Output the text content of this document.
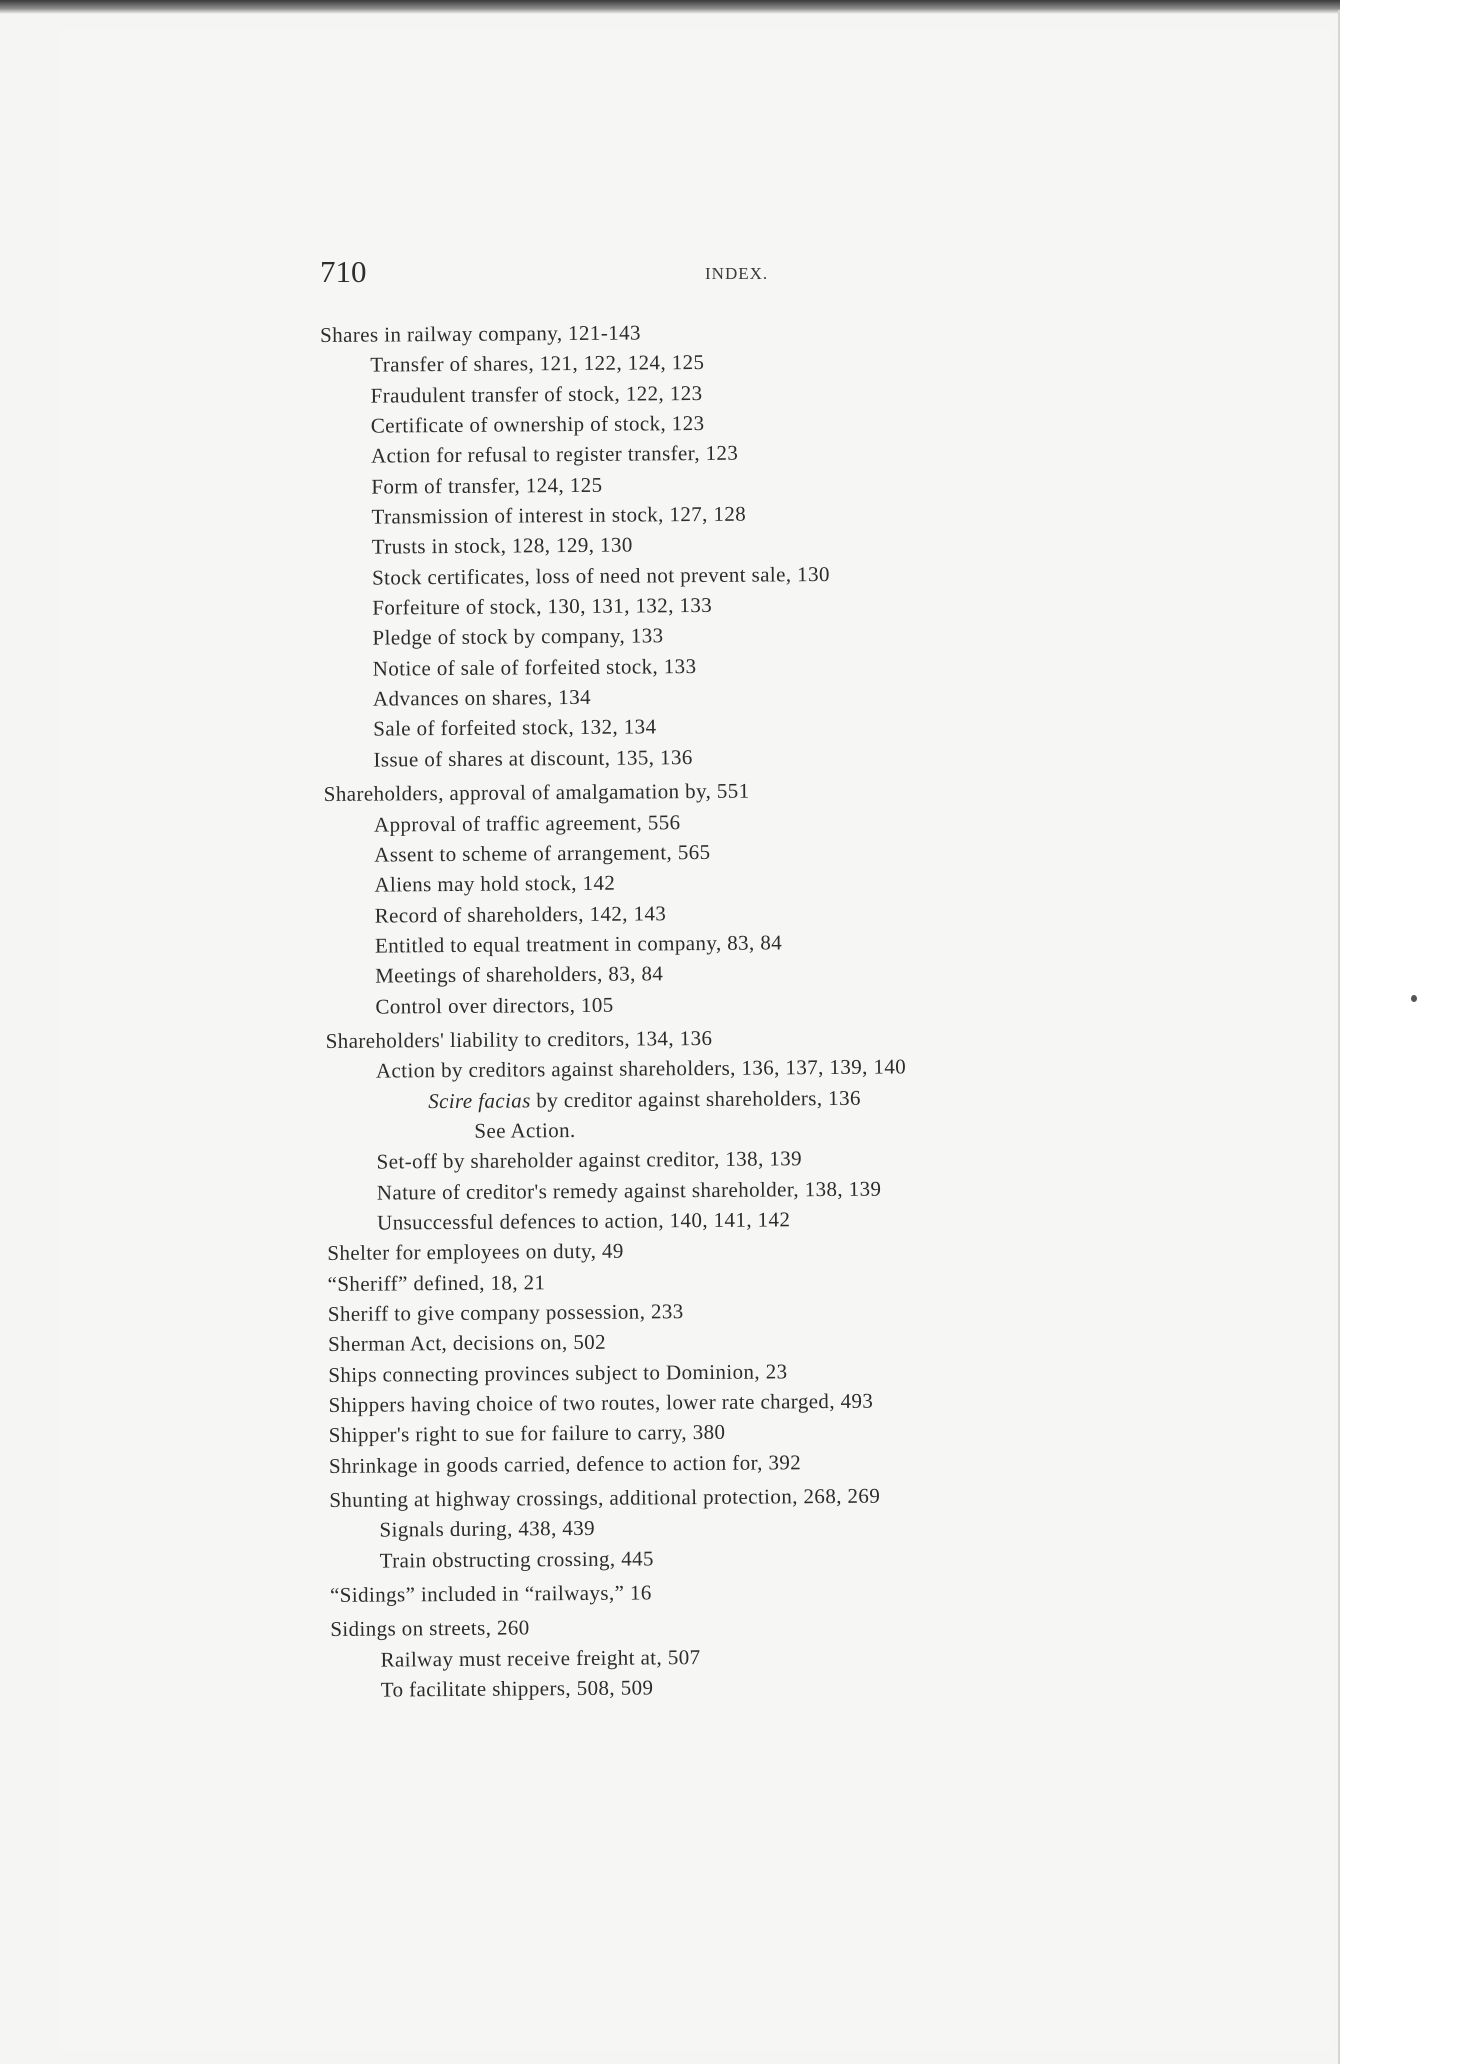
710	INDEX.
Shares in railway company, 121-143
Transfer of shares, 121, 122, 124, 125
Fraudulent transfer of stock, 122, 123
Certificate of ownership of stock, 123
Action for refusal to register transfer, 123
Form of transfer, 124, 125
Transmission of interest in stock, 127, 128
Trusts in stock, 128, 129, 130
Stock certificates, loss of need not prevent sale, 130
Forfeiture of stock, 130, 131, 132, 133
Pledge of stock by company, 133
Notice of sale of forfeited stock, 133
Advances on shares, 134
Sale of forfeited stock, 132, 134
Issue of shares at discount, 135, 136
Shareholders, approval of amalgamation by, 551
Approval of traffic agreement, 556
Assent to scheme of arrangement, 565
Aliens may hold stock, 142
Record of shareholders, 142, 143
Entitled to equal treatment in company, 83, 84
Meetings of shareholders, 83, 84
Control over directors, 105
Shareholders' liability to creditors, 134, 136
Action by creditors against shareholders, 136, 137, 139, 140
Scire facias by creditor against shareholders, 136
See Action.
Set-off by shareholder against creditor, 138, 139
Nature of creditor's remedy against shareholder, 138, 139
Unsuccessful defences to action, 140, 141, 142
Shelter for employees on duty, 49
“Sheriff” defined, 18, 21
Sheriff to give company possession, 233
Sherman Act, decisions on, 502
Ships connecting provinces subject to Dominion, 23
Shippers having choice of two routes, lower rate charged, 493
Shipper's right to sue for failure to carry, 380
Shrinkage in goods carried, defence to action for, 392
Shunting at highway crossings, additional protection, 268, 269
Signals during, 438, 439
Train obstructing crossing, 445
“Sidings” included in “railways,” 16
Sidings on streets, 260
Railway must receive freight at, 507
To facilitate shippers, 508, 509
